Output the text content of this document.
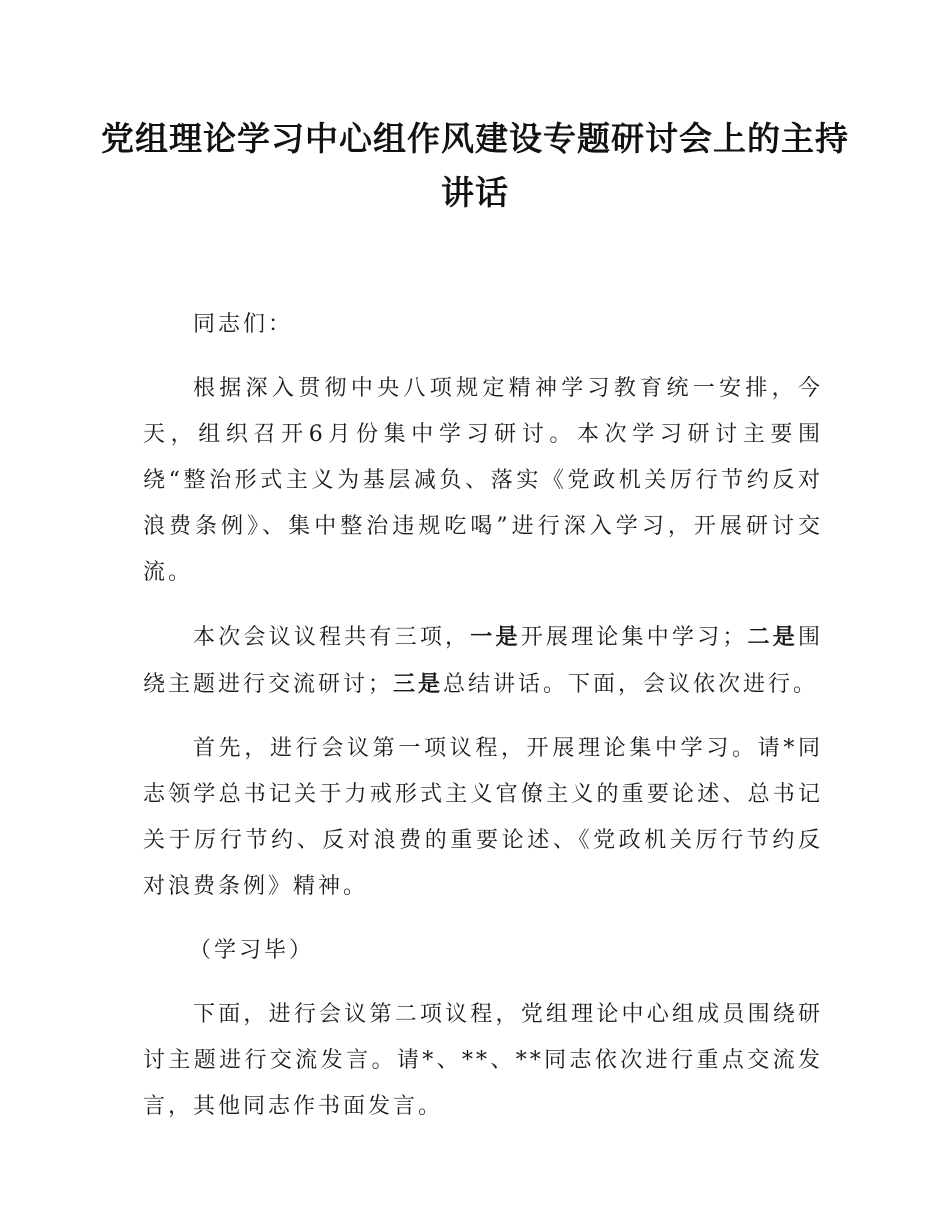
党组理论学习中心组作风建设专题研讨会上的主持讲话

同志们：

根据深入贯彻中央八项规定精神学习教育统一安排，今天，组织召开6月份集中学习研讨。本次学习研讨主要围绕“整治形式主义为基层减负、落实《党政机关厉行节约反对浪费条例》、集中整治违规吃喝”进行深入学习，开展研讨交流。

本次会议议程共有三项，一是开展理论集中学习；二是围绕主题进行交流研讨；三是总结讲话。下面，会议依次进行。

首先，进行会议第一项议程，开展理论集中学习。请*同志领学总书记关于力戒形式主义官僚主义的重要论述、总书记关于厉行节约、反对浪费的重要论述、《党政机关厉行节约反对浪费条例》精神。

（学习毕）

下面，进行会议第二项议程，党组理论中心组成员围绕研讨主题进行交流发言。请*、**、**同志依次进行重点交流发言，其他同志作书面发言。
